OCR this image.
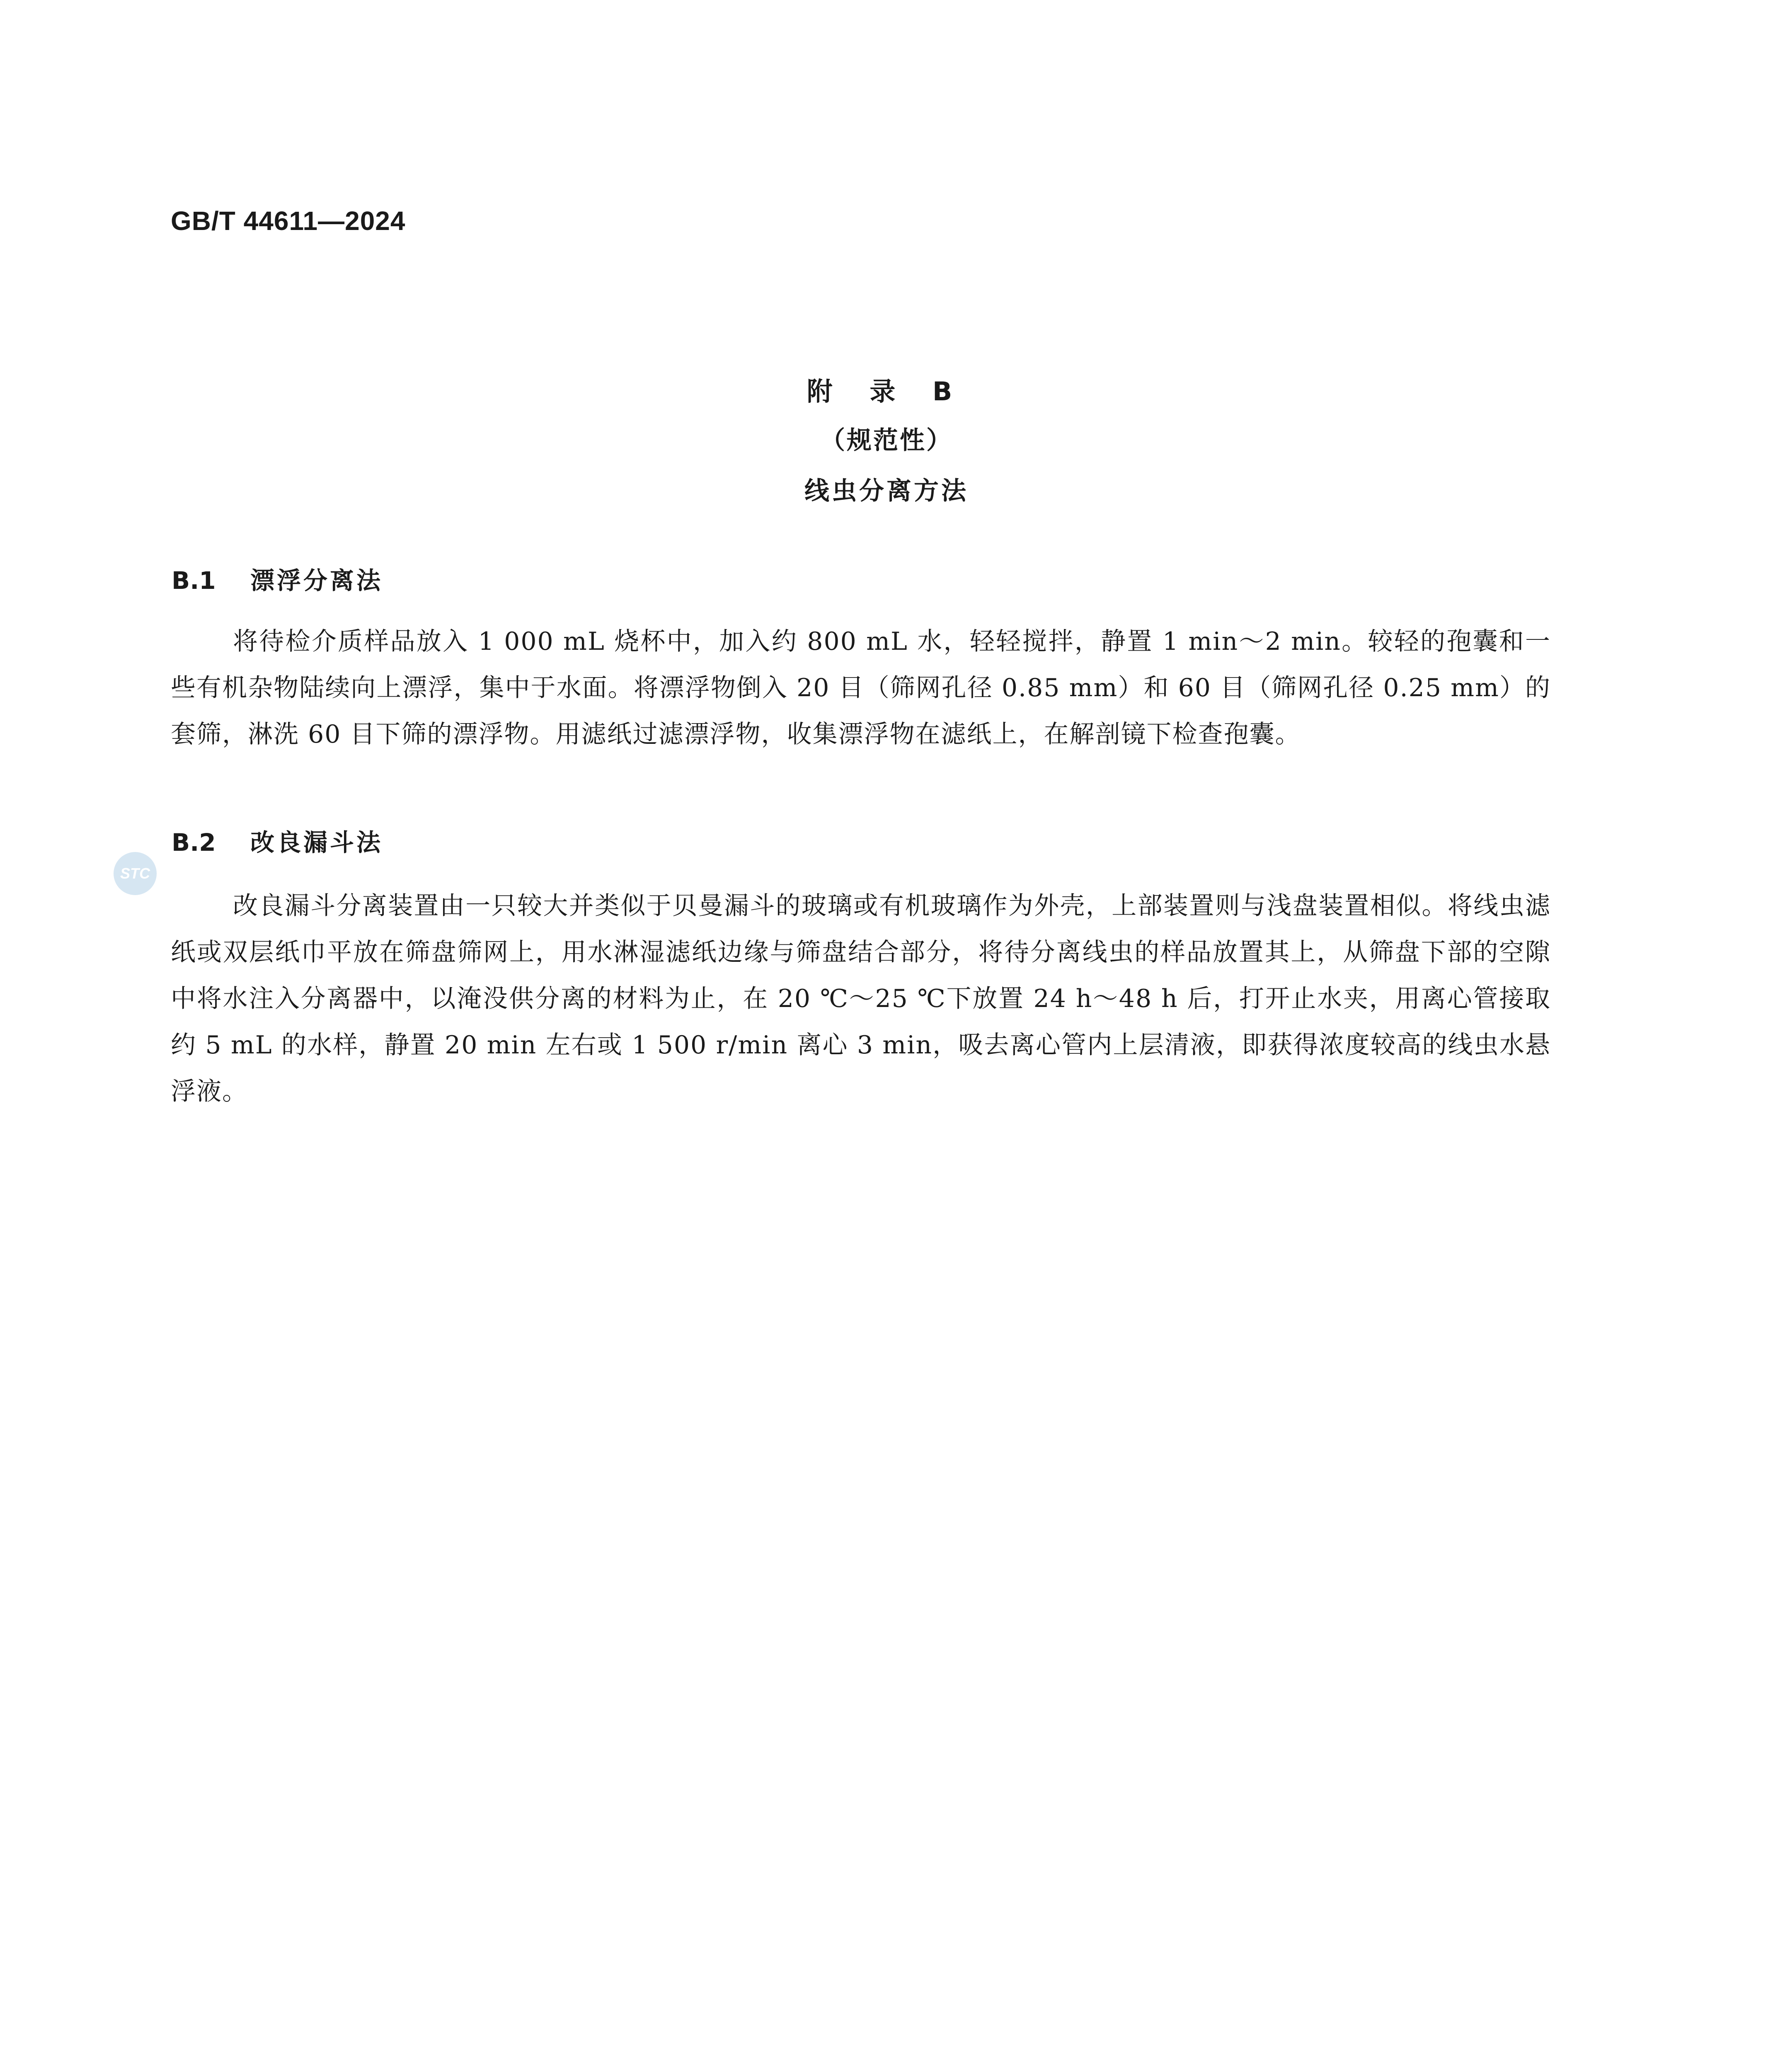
GB/T 44611—2024
附 录 B
（规范性）
线虫分离方法
B.1 漂浮分离法
将待检介质样品放入 1 000 mL 烧杯中，加入约 800 mL 水，轻轻搅拌，静置 1 min～2 min。较轻的孢囊和一些有机杂物陆续向上漂浮，集中于水面。将漂浮物倒入 20 目（筛网孔径 0.85 mm）和 60 目（筛网孔径 0.25 mm）的套筛，淋洗 60 目下筛的漂浮物。用滤纸过滤漂浮物，收集漂浮物在滤纸上，在解剖镜下检查孢囊。
STC
B.2 改良漏斗法
改良漏斗分离装置由一只较大并类似于贝曼漏斗的玻璃或有机玻璃作为外壳，上部装置则与浅盘装置相似。将线虫滤纸或双层纸巾平放在筛盘筛网上，用水淋湿滤纸边缘与筛盘结合部分，将待分离线虫的样品放置其上，从筛盘下部的空隙中将水注入分离器中，以淹没供分离的材料为止，在 20 ℃～25 ℃下放置 24 h～48 h 后，打开止水夹，用离心管接取约 5 mL 的水样，静置 20 min 左右或 1 500 r/min 离心 3 min，吸去离心管内上层清液，即获得浓度较高的线虫水悬浮液。
